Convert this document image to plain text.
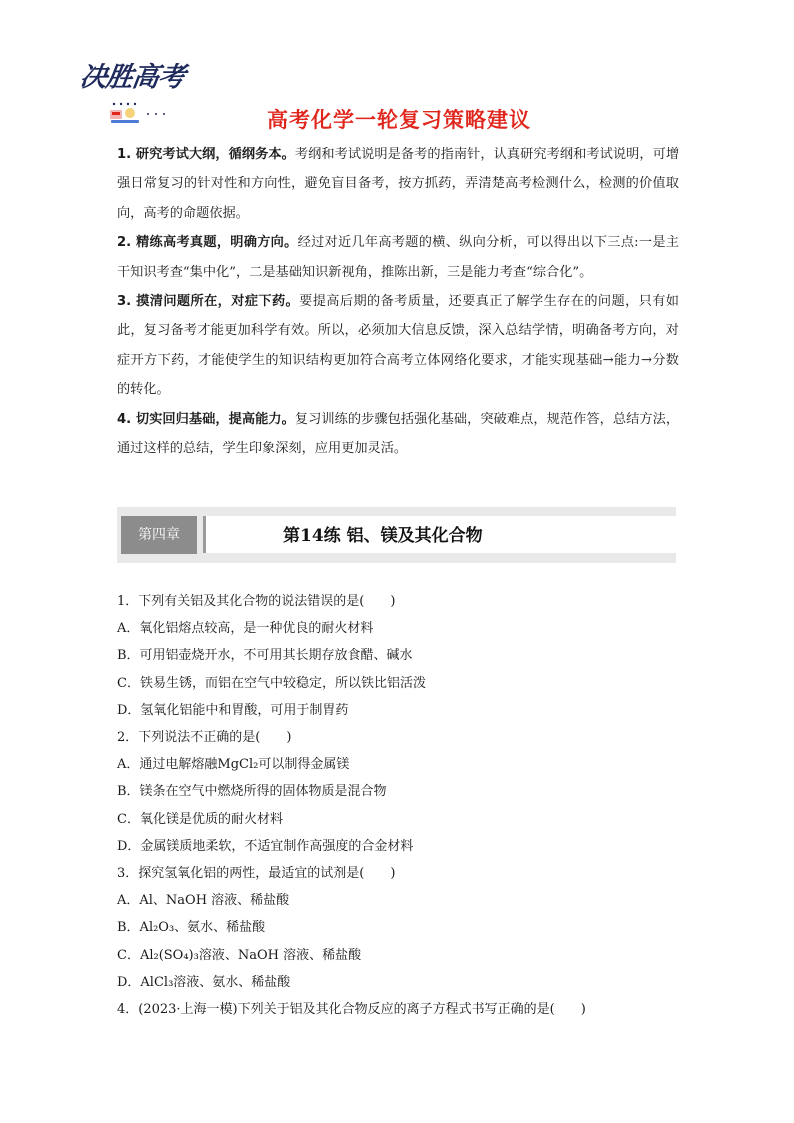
决胜高考
高考化学一轮复习策略建议

1. 研究考试大纲，循纲务本。考纲和考试说明是备考的指南针，认真研究考纲和考试说明，可增强日常复习的针对性和方向性，避免盲目备考，按方抓药，弄清楚高考检测什么，检测的价值取向，高考的命题依据。

2. 精练高考真题，明确方向。经过对近几年高考题的横、纵向分析，可以得出以下三点:一是主干知识考查“集中化”，二是基础知识新视角，推陈出新，三是能力考查“综合化”。

3. 摸清问题所在，对症下药。要提高后期的备考质量，还要真正了解学生存在的问题，只有如此，复习备考才能更加科学有效。所以，必须加大信息反馈，深入总结学情，明确备考方向，对症开方下药，才能使学生的知识结构更加符合高考立体网络化要求，才能实现基础→能力→分数的转化。

4. 切实回归基础，提高能力。复习训练的步骤包括强化基础，突破难点，规范作答，总结方法，通过这样的总结，学生印象深刻，应用更加灵活。

第四章	第14练 铝、镁及其化合物

1．下列有关铝及其化合物的说法错误的是(　　)

A．氧化铝熔点较高，是一种优良的耐火材料

B．可用铝壶烧开水，不可用其长期存放食醋、碱水

C．铁易生锈，而铝在空气中较稳定，所以铁比铝活泼

D．氢氧化铝能中和胃酸，可用于制胃药

2．下列说法不正确的是(　　)

A．通过电解熔融MgCl₂可以制得金属镁

B．镁条在空气中燃烧所得的固体物质是混合物

C．氧化镁是优质的耐火材料

D．金属镁质地柔软，不适宜制作高强度的合金材料

3．探究氢氧化铝的两性，最适宜的试剂是(　　)

A．Al、NaOH 溶液、稀盐酸

B．Al₂O₃、氨水、稀盐酸

C．Al₂(SO₄)₃溶液、NaOH 溶液、稀盐酸

D．AlCl₃溶液、氨水、稀盐酸

4．(2023·上海一模)下列关于铝及其化合物反应的离子方程式书写正确的是(　　)
